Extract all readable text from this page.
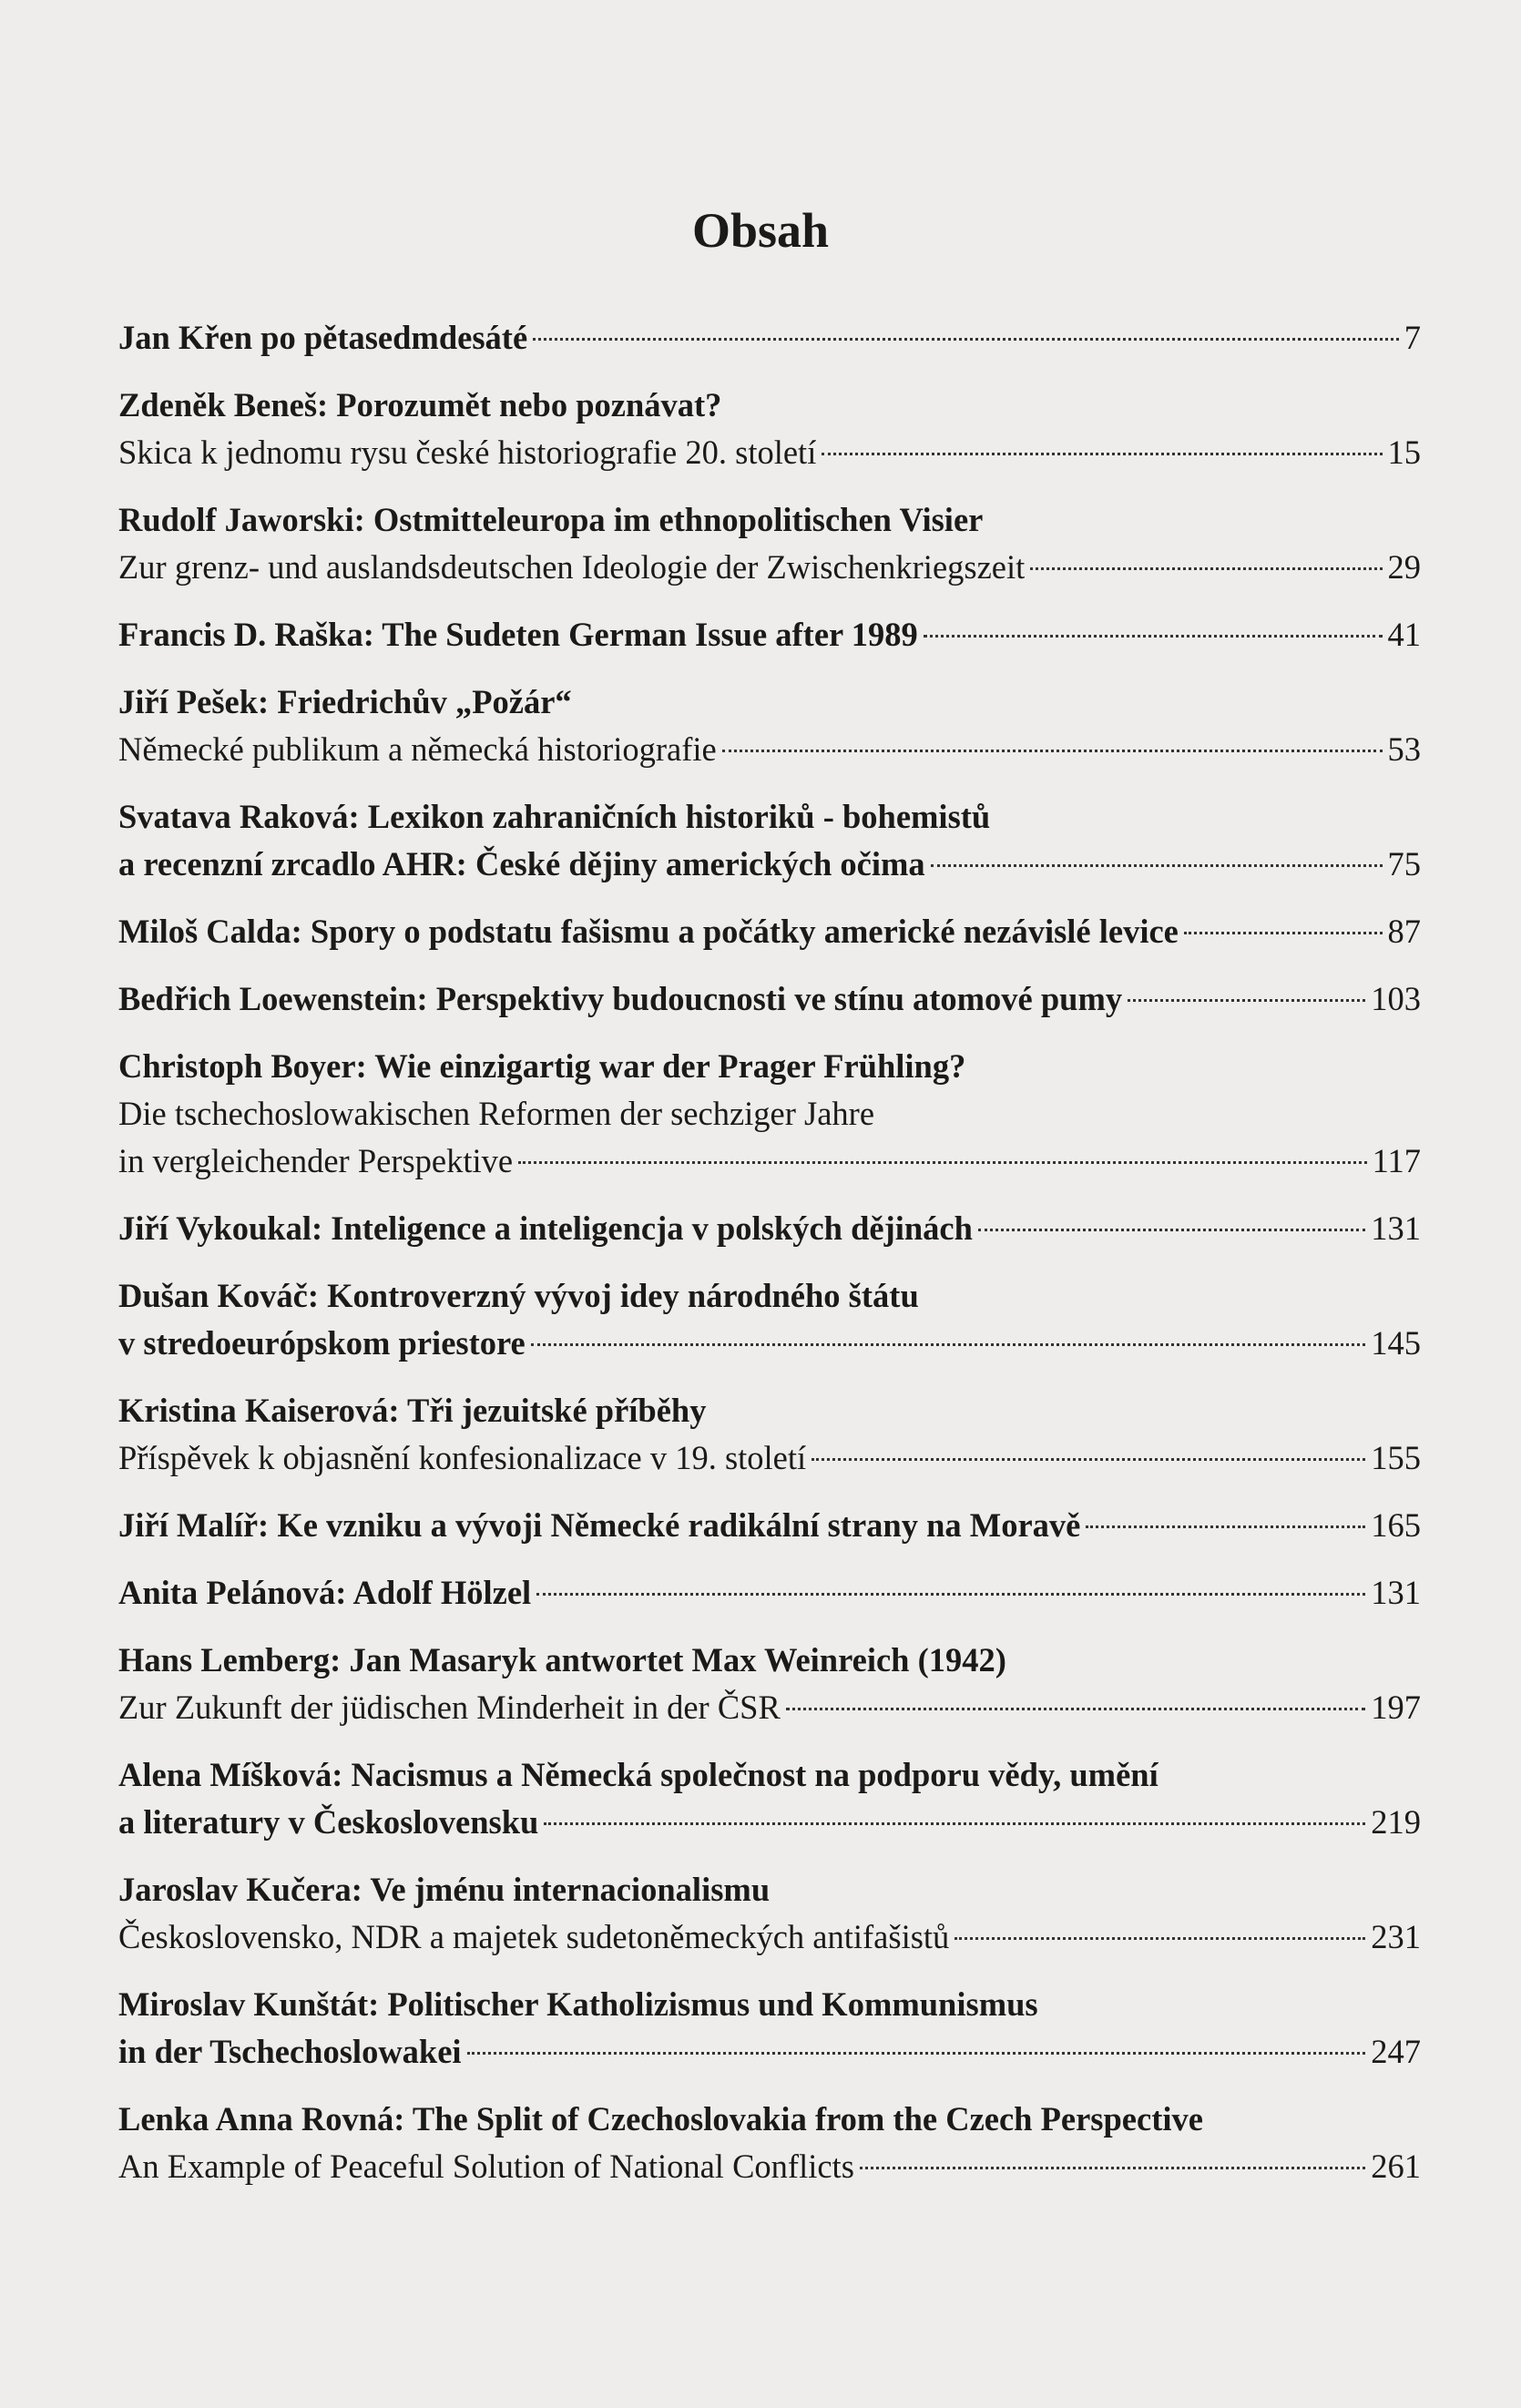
Obsah
Jan Křen po pětasedmdesáté	7
Zdeněk Beneš: Porozumět nebo poznávat?
Skica k jednomu rysu české historiografie 20. století	15
Rudolf Jaworski: Ostmitteleuropa im ethnopolitischen Visier
Zur grenz- und auslandsdeutschen Ideologie der Zwischenkriegszeit	29
Francis D. Raška: The Sudeten German Issue after 1989	41
Jiří Pešek: Friedrichův „Požár“
Německé publikum a německá historiografie	53
Svatava Raková: Lexikon zahraničních historiků - bohemistů
a recenzní zrcadlo AHR: České dějiny amerických očima	75
Miloš Calda: Spory o podstatu fašismu a počátky americké nezávislé levice	87
Bedřich Loewenstein: Perspektivy budoucnosti ve stínu atomové pumy	103
Christoph Boyer: Wie einzigartig war der Prager Frühling?
Die tschechoslowakischen Reformen der sechziger Jahre
in vergleichender Perspektive	117
Jiří Vykoukal: Inteligence a inteligencja v polských dějinách	131
Dušan Kováč: Kontroverzný vývoj idey národného štátu
v stredoeurópskom priestore	145
Kristina Kaiserová: Tři jezuitské příběhy
Příspěvek k objasnění konfesionalizace v 19. století	155
Jiří Malíř: Ke vzniku a vývoji Německé radikální strany na Moravě	165
Anita Pelánová: Adolf Hölzel	131
Hans Lemberg: Jan Masaryk antwortet Max Weinreich (1942)
Zur Zukunft der jüdischen Minderheit in der ČSR	197
Alena Míšková: Nacismus a Německá společnost na podporu vědy, umění
a literatury v Československu	219
Jaroslav Kučera: Ve jménu internacionalismu
Československo, NDR a majetek sudetoněmeckých antifašistů	231
Miroslav Kunštát: Politischer Katholizismus und Kommunismus
in der Tschechoslowakei	247
Lenka Anna Rovná: The Split of Czechoslovakia from the Czech Perspective
An Example of Peaceful Solution of National Conflicts	261
